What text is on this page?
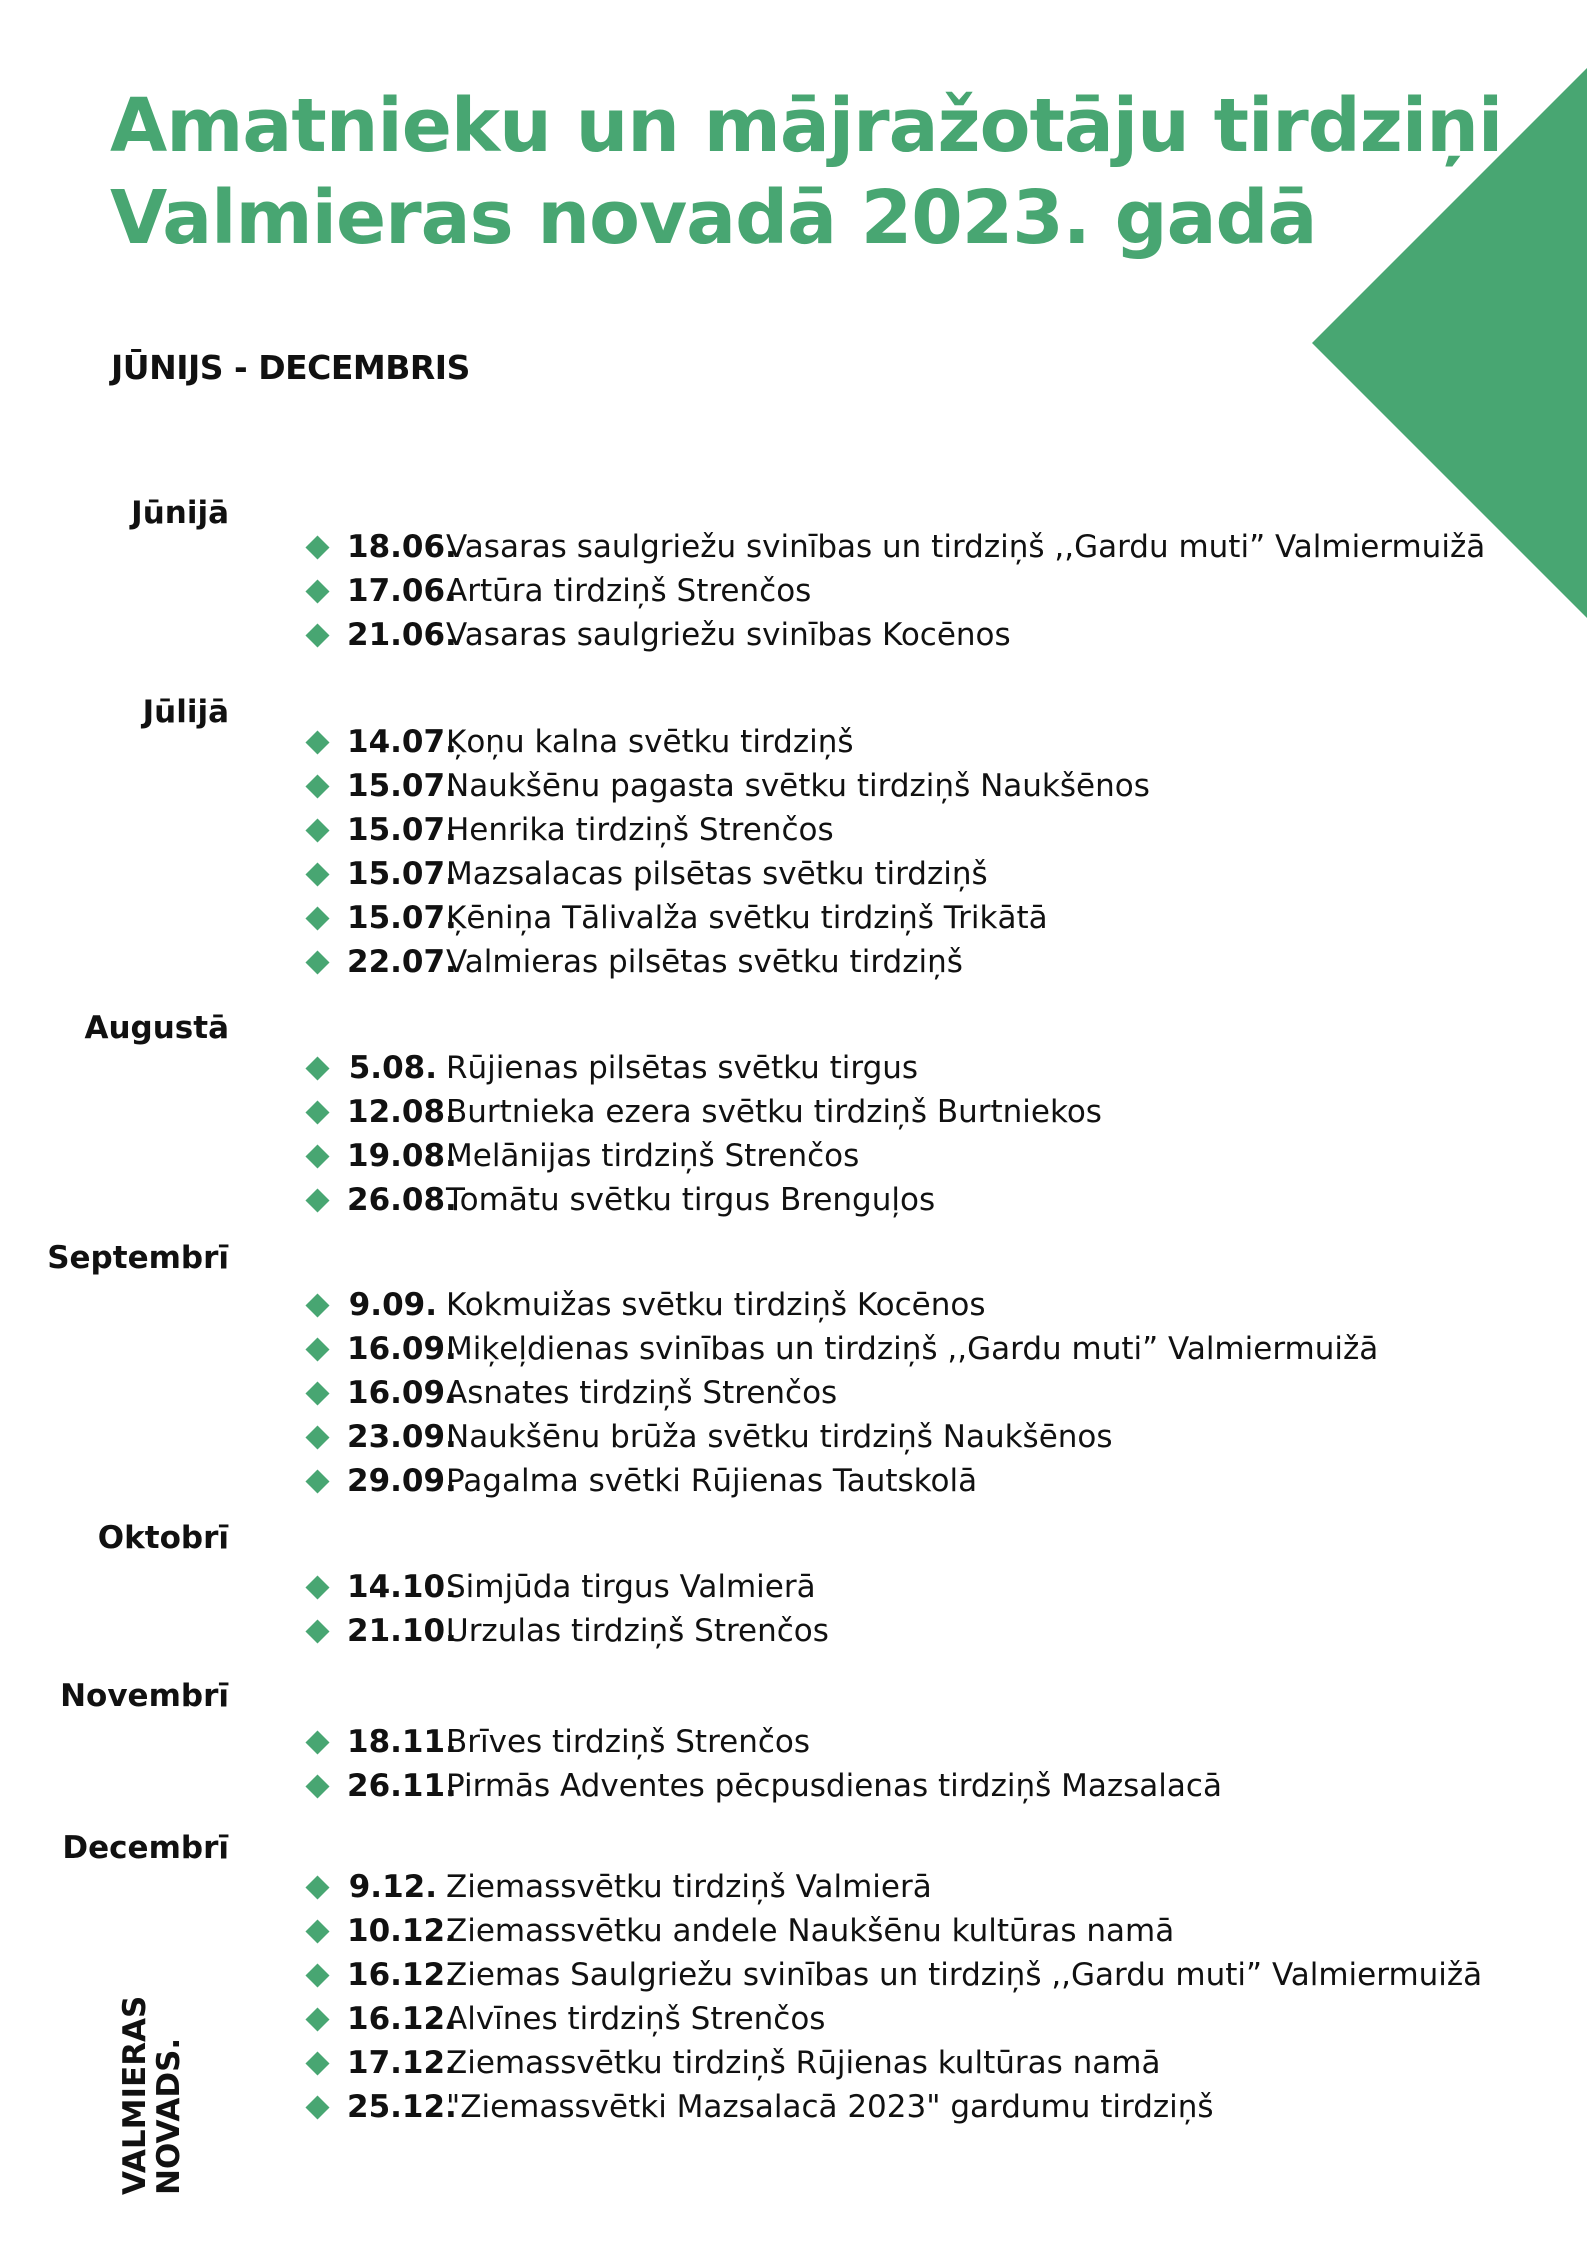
Amatnieku un mājražotāju tirdziņi
Valmieras novadā 2023. gadā
JŪNIJS - DECEMBRIS
Jūnijā
18.06.
Vasaras saulgriežu svinības un tirdziņš ,,Gardu muti” Valmiermuižā
17.06.
Artūra tirdziņš Strenčos
21.06.
Vasaras saulgriežu svinības Kocēnos
Jūlijā
14.07.
Ķoņu kalna svētku tirdziņš
15.07.
Naukšēnu pagasta svētku tirdziņš Naukšēnos
15.07.
Henrika tirdziņš Strenčos
15.07.
Mazsalacas pilsētas svētku tirdziņš
15.07.
Ķēniņa Tālivalža svētku tirdziņš Trikātā
22.07.
Valmieras pilsētas svētku tirdziņš
Augustā
5.08. Rūjienas pilsētas svētku tirgus
12.08.
Burtnieka ezera svētku tirdziņš Burtniekos
19.08.
Melānijas tirdziņš Strenčos
26.08.
Tomātu svētku tirgus Brenguļos
Septembrī
9.09. Kokmuižas svētku tirdziņš Kocēnos
16.09.
Miķeļdienas svinības un tirdziņš ,,Gardu muti” Valmiermuižā
16.09.
Asnates tirdziņš Strenčos
23.09.
Naukšēnu brūža svētku tirdziņš Naukšēnos
29.09.
Pagalma svētki Rūjienas Tautskolā
Oktobrī
14.10.
Simjūda tirgus Valmierā
21.10.
Urzulas tirdziņš Strenčos
Novembrī
18.11.
Brīves tirdziņš Strenčos
26.11.
Pirmās Adventes pēcpusdienas tirdziņš Mazsalacā
Decembrī
9.12. Ziemassvētku tirdziņš Valmierā
10.12.
Ziemassvētku andele Naukšēnu kultūras namā
16.12.
Ziemas Saulgriežu svinības un tirdziņš ,,Gardu muti” Valmiermuižā
16.12.
Alvīnes tirdziņš Strenčos
17.12.
Ziemassvētku tirdziņš Rūjienas kultūras namā
25.12.
"Ziemassvētki Mazsalacā 2023" gardumu tirdziņš
VALMIERAS
NOVADS.
